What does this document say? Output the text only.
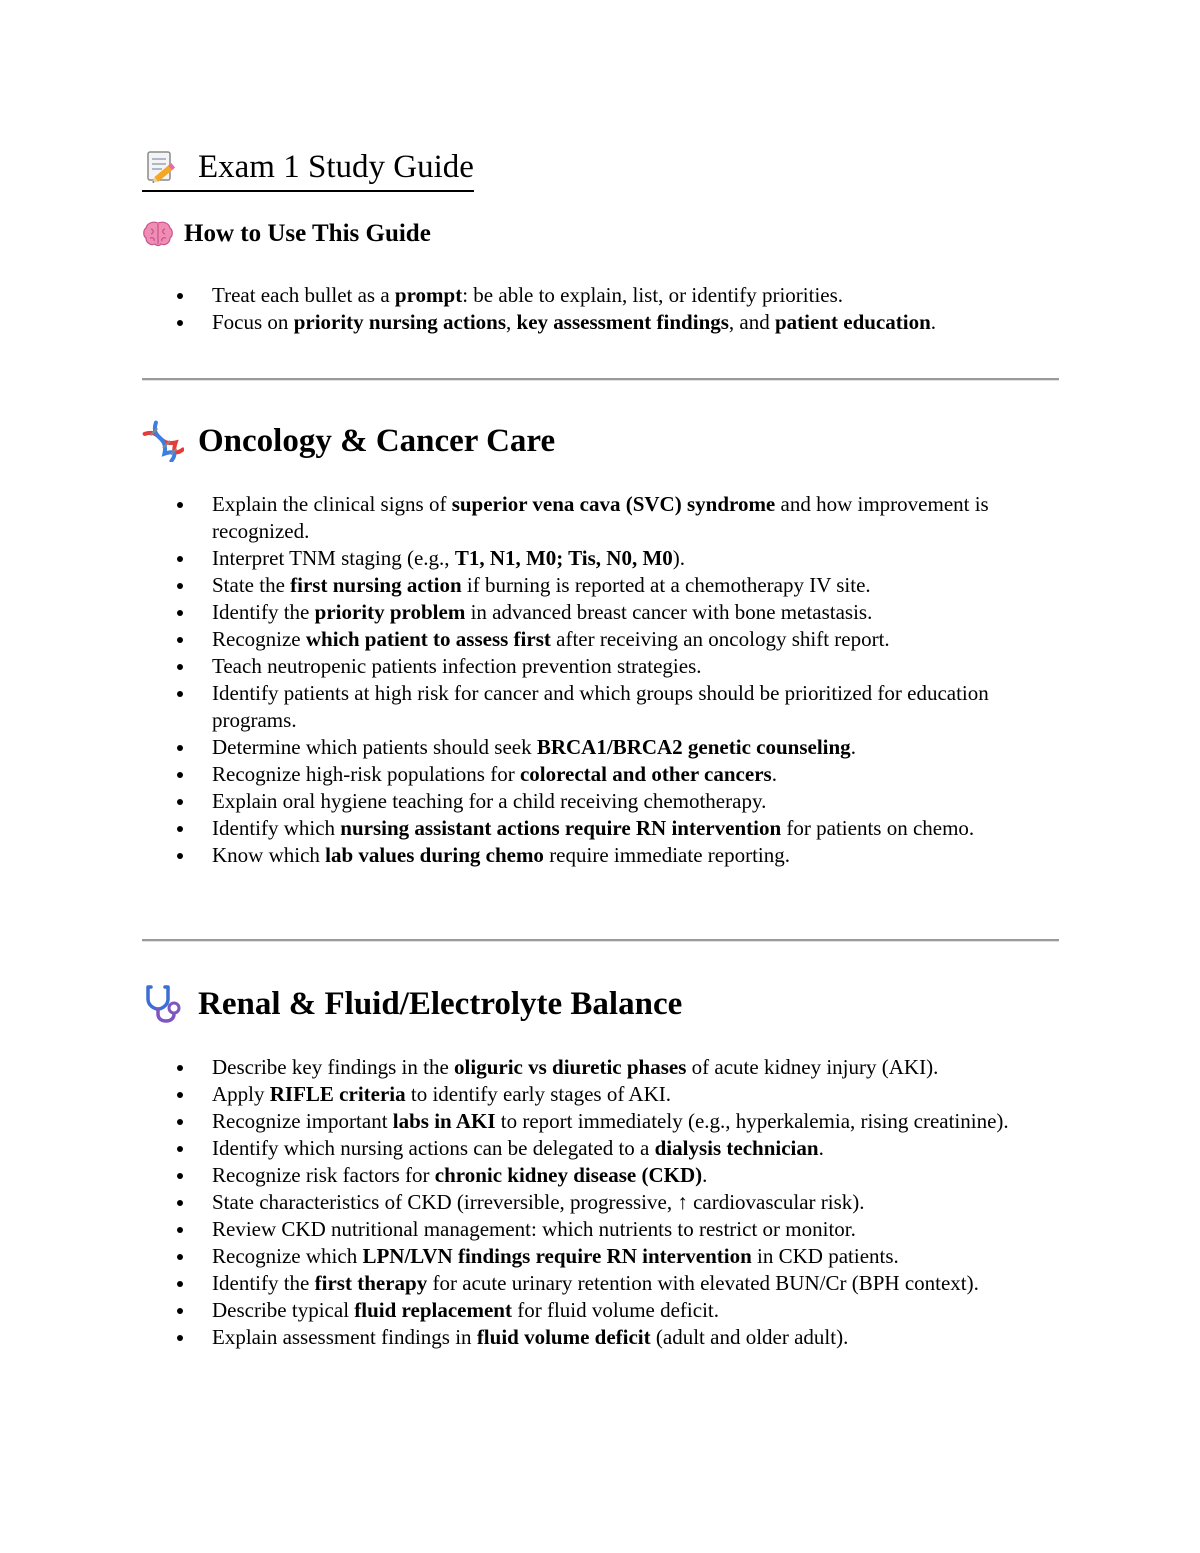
Exam 1 Study Guide
How to Use This Guide
Treat each bullet as a prompt: be able to explain, list, or identify priorities.
Focus on priority nursing actions, key assessment findings, and patient education.
Oncology & Cancer Care
Explain the clinical signs of superior vena cava (SVC) syndrome and how improvement is recognized.
Interpret TNM staging (e.g., T1, N1, M0; Tis, N0, M0).
State the first nursing action if burning is reported at a chemotherapy IV site.
Identify the priority problem in advanced breast cancer with bone metastasis.
Recognize which patient to assess first after receiving an oncology shift report.
Teach neutropenic patients infection prevention strategies.
Identify patients at high risk for cancer and which groups should be prioritized for education programs.
Determine which patients should seek BRCA1/BRCA2 genetic counseling.
Recognize high-risk populations for colorectal and other cancers.
Explain oral hygiene teaching for a child receiving chemotherapy.
Identify which nursing assistant actions require RN intervention for patients on chemo.
Know which lab values during chemo require immediate reporting.
Renal & Fluid/Electrolyte Balance
Describe key findings in the oliguric vs diuretic phases of acute kidney injury (AKI).
Apply RIFLE criteria to identify early stages of AKI.
Recognize important labs in AKI to report immediately (e.g., hyperkalemia, rising creatinine).
Identify which nursing actions can be delegated to a dialysis technician.
Recognize risk factors for chronic kidney disease (CKD).
State characteristics of CKD (irreversible, progressive, ↑ cardiovascular risk).
Review CKD nutritional management: which nutrients to restrict or monitor.
Recognize which LPN/LVN findings require RN intervention in CKD patients.
Identify the first therapy for acute urinary retention with elevated BUN/Cr (BPH context).
Describe typical fluid replacement for fluid volume deficit.
Explain assessment findings in fluid volume deficit (adult and older adult).
